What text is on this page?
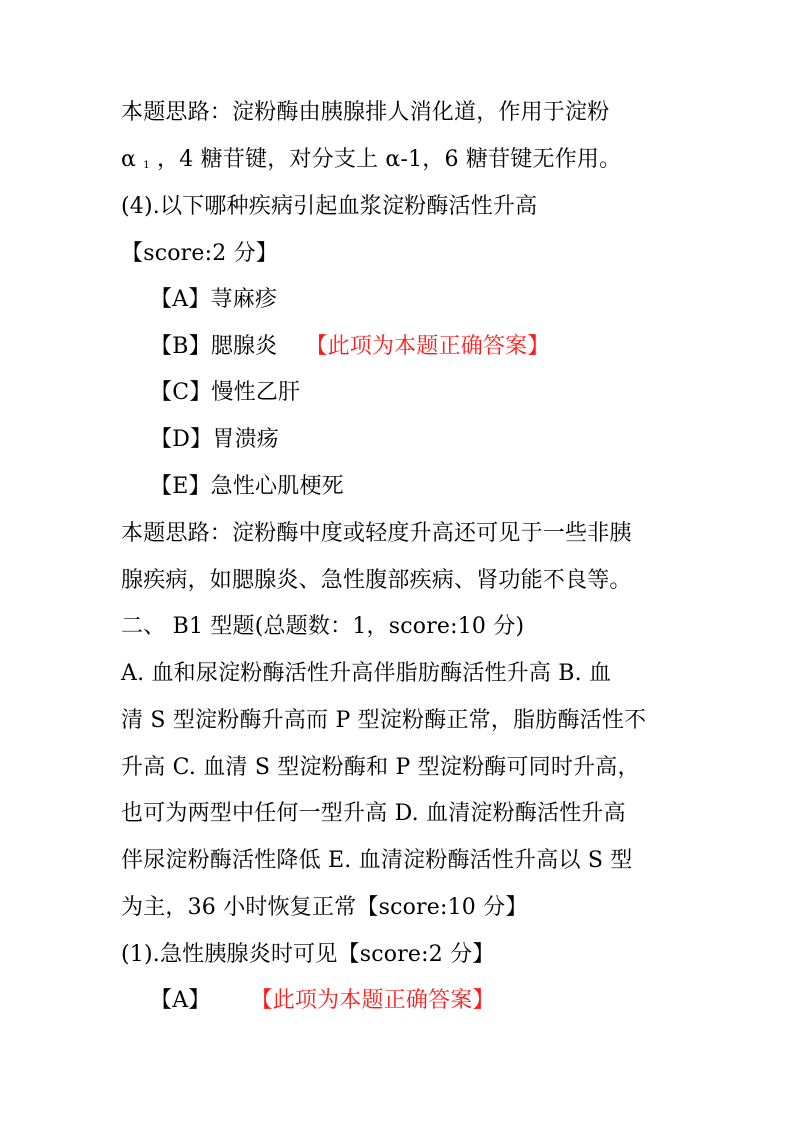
本题思路：淀粉酶由胰腺排人消化道，作用于淀粉
α $_1$ ，4 糖苷键，对分支上 α-1，6 糖苷键无作用。
(4).以下哪种疾病引起血浆淀粉酶活性升高
【score:2 分】
【A】荨麻疹
【B】腮腺炎 【此项为本题正确答案】
【C】慢性乙肝
【D】胃溃疡
【E】急性心肌梗死
本题思路：淀粉酶中度或轻度升高还可见于一些非胰
腺疾病，如腮腺炎、急性腹部疾病、肾功能不良等。
二、 B1 型题(总题数：1，score:10 分)
A. 血和尿淀粉酶活性升高伴脂肪酶活性升高 B. 血
清 S 型淀粉酶升高而 P 型淀粉酶正常，脂肪酶活性不
升高 C. 血清 S 型淀粉酶和 P 型淀粉酶可同时升高，
也可为两型中任何一型升高 D. 血清淀粉酶活性升高
伴尿淀粉酶活性降低 E. 血清淀粉酶活性升高以 S 型
为主，36 小时恢复正常【score:10 分】
(1).急性胰腺炎时可见【score:2 分】
【A】 【此项为本题正确答案】
